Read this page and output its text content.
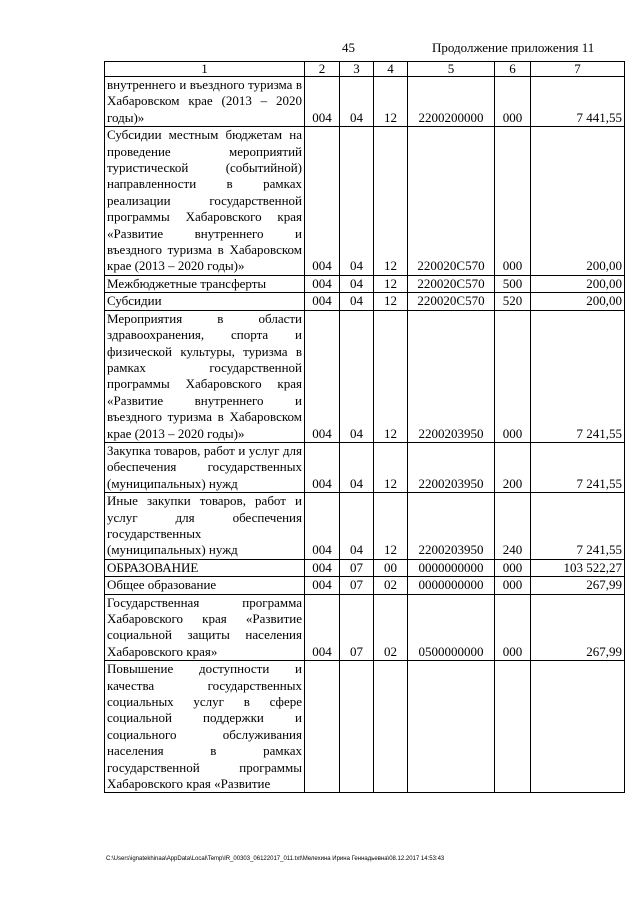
45	Продолжение приложения 11
1	2	3	4	5	6	7
внутреннего и въездного туризма в Хабаровском крае (2013 – 2020 годы)»	004	04	12	2200200000	000	7 441,55
Субсидии местным бюджетам на проведение мероприятий туристической (событийной) направленности в рамках реализации государственной программы Хабаровского края «Развитие внутреннего и въездного туризма в Хабаровском крае (2013 – 2020 годы)»	004	04	12	220020С570	000	200,00
Межбюджетные трансферты	004	04	12	220020С570	500	200,00
Субсидии	004	04	12	220020С570	520	200,00
Мероприятия в области здравоохранения, спорта и физической культуры, туризма в рамках государственной программы Хабаровского края «Развитие внутреннего и въездного туризма в Хабаровском крае (2013 – 2020 годы)»	004	04	12	2200203950	000	7 241,55
Закупка товаров, работ и услуг для обеспечения государственных (муниципальных) нужд	004	04	12	2200203950	200	7 241,55
Иные закупки товаров, работ и услуг для обеспечения государственных (муниципальных) нужд	004	04	12	2200203950	240	7 241,55
ОБРАЗОВАНИЕ	004	07	00	0000000000	000	103 522,27
Общее образование	004	07	02	0000000000	000	267,99
Государственная программа Хабаровского края «Развитие социальной защиты населения Хабаровского края»	004	07	02	0500000000	000	267,99
Повышение доступности и качества государственных социальных услуг в сфере социальной поддержки и социального обслуживания населения в рамках государственной программы Хабаровского края «Развитие						
C:\Users\ignatekhinaa\AppData\Local\Temp\IR_00303_06122017_011.txt\Мелехина Ирина Геннадьевна\08.12.2017 14:53:43
